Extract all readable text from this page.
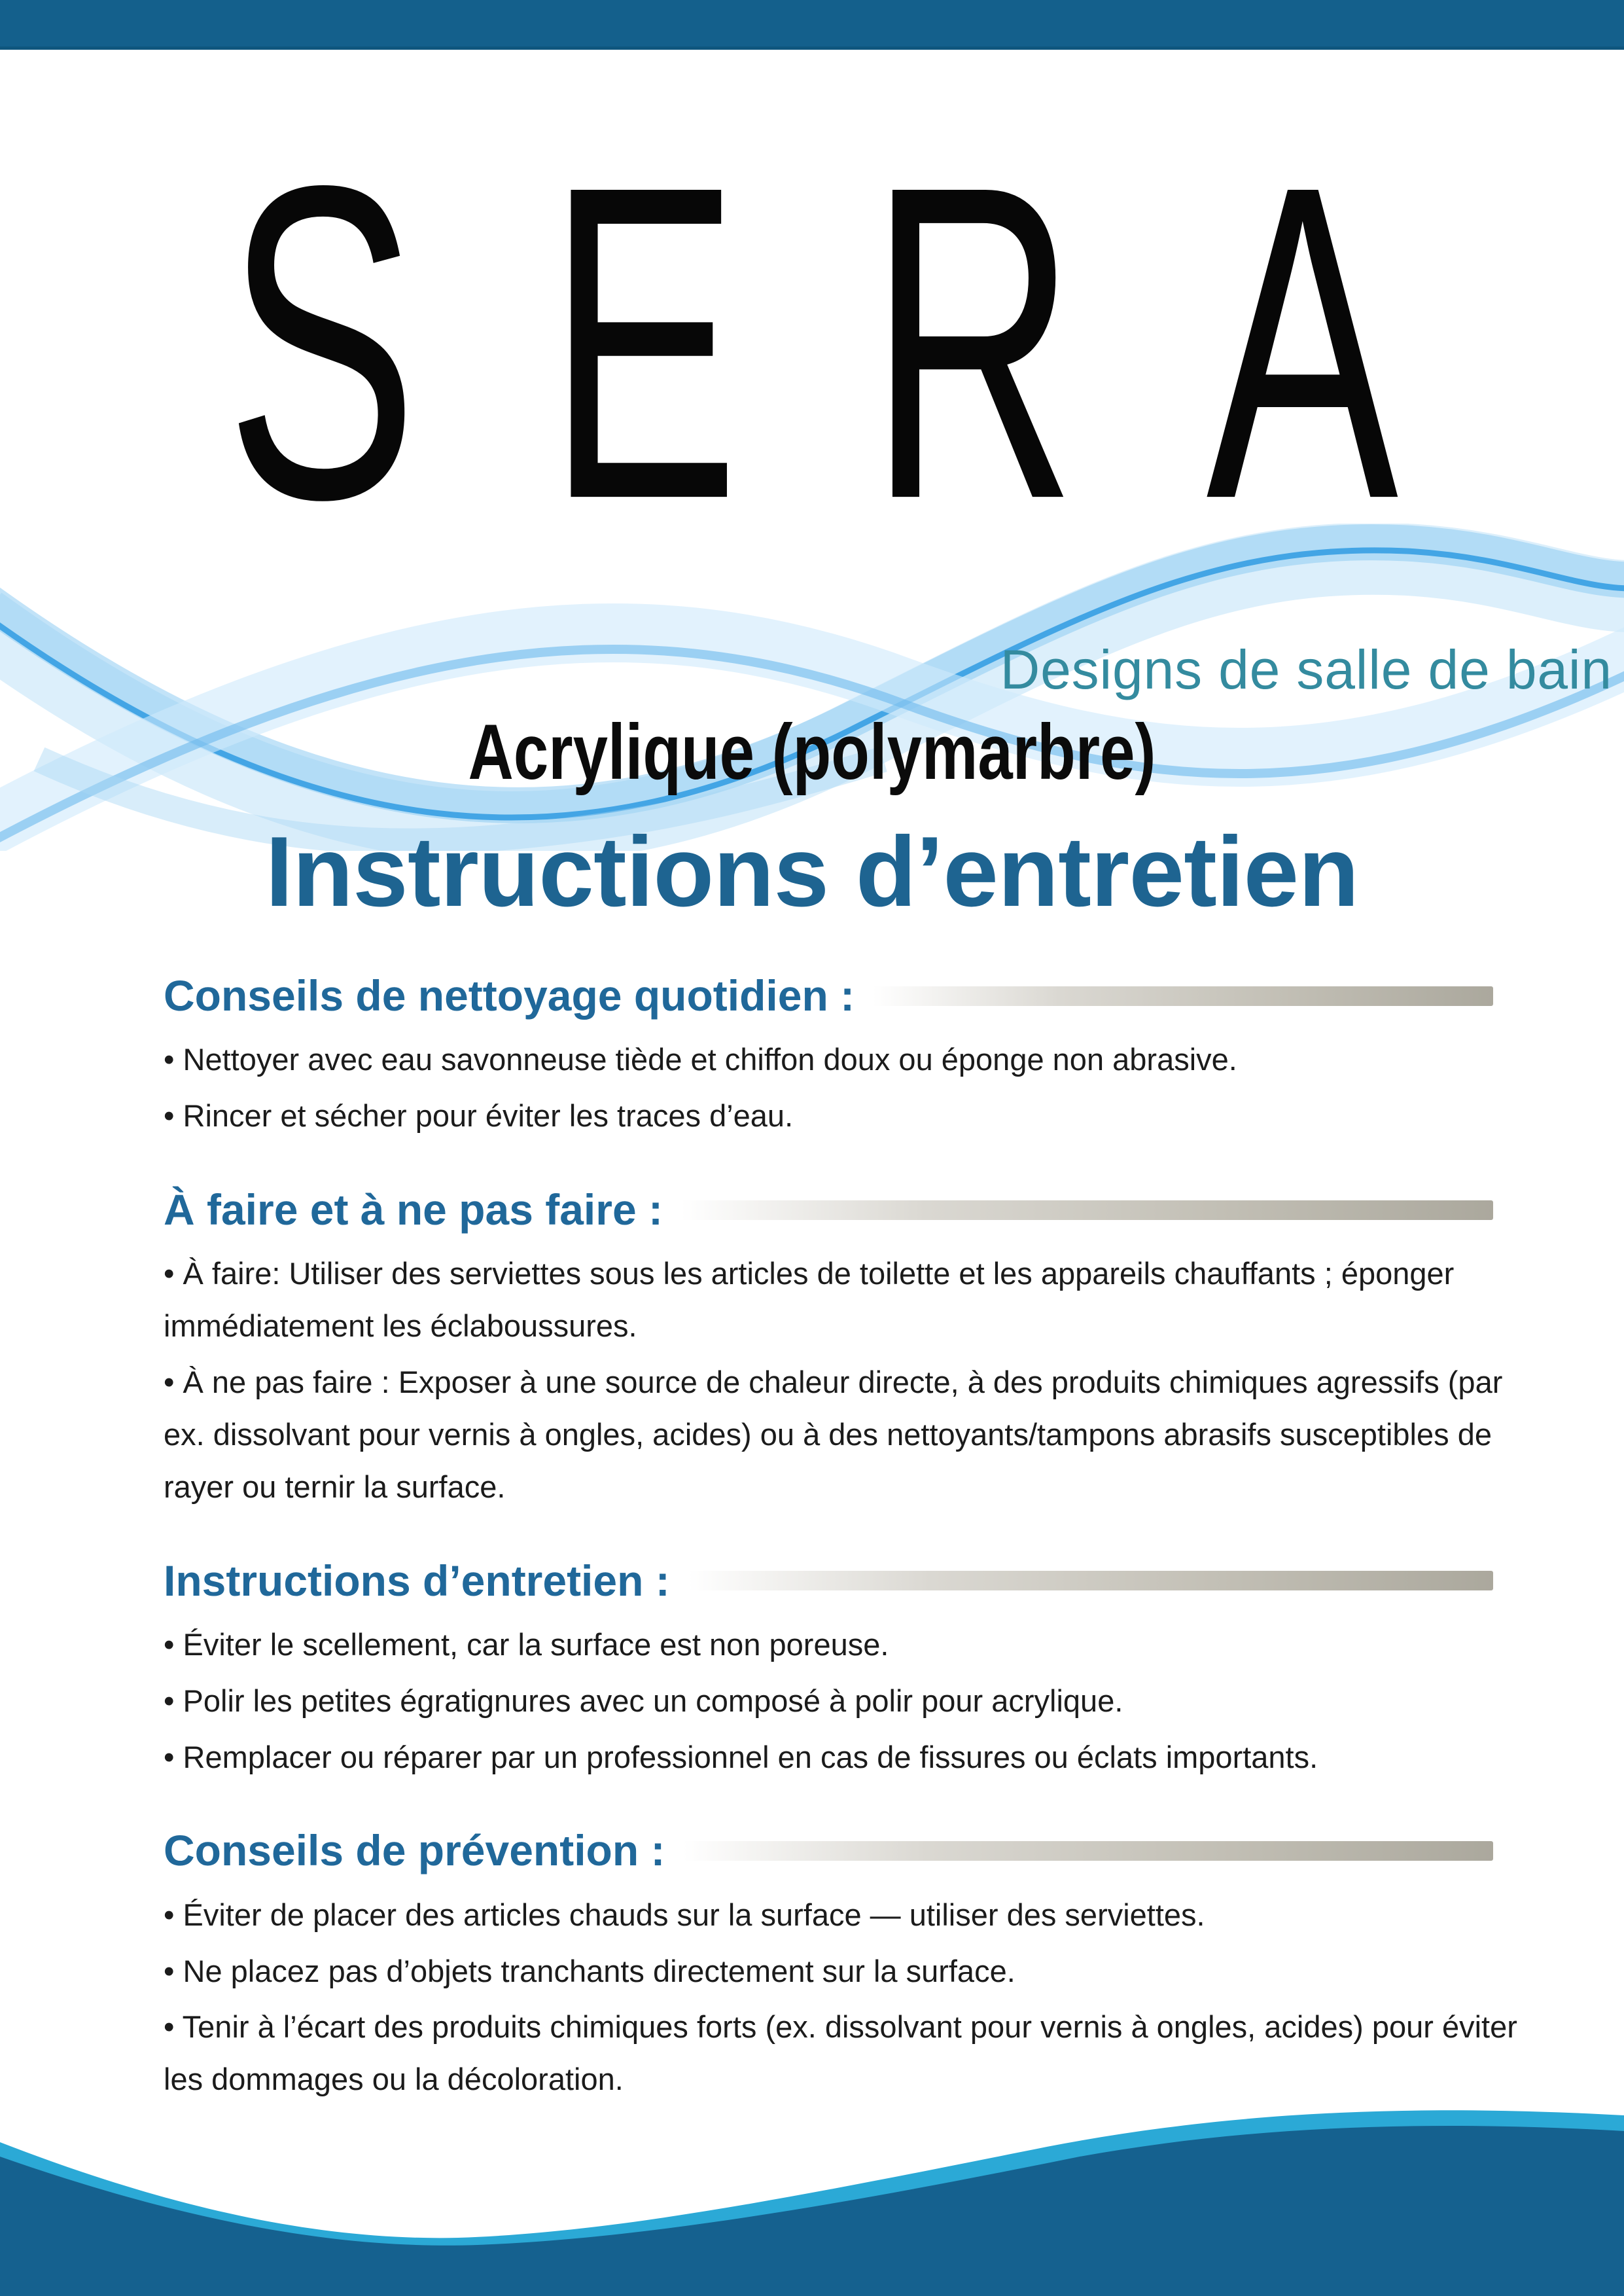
SERA
Designs de salle de bain
Acrylique (polymarbre)
Instructions d’entretien
Conseils de nettoyage quotidien :
• Nettoyer avec eau savonneuse tiède et chiffon doux ou éponge non abrasive.
• Rincer et sécher pour éviter les traces d’eau.
À faire et à ne pas faire :
• À faire: Utiliser des serviettes sous les articles de toilette et les appareils chauffants ; éponger immédiatement les éclaboussures.
• À ne pas faire : Exposer à une source de chaleur directe, à des produits chimiques agressifs (par ex. dissolvant pour vernis à ongles, acides) ou à des nettoyants/tampons abrasifs susceptibles de rayer ou ternir la surface.
Instructions d’entretien :
• Éviter le scellement, car la surface est non poreuse.
• Polir les petites égratignures avec un composé à polir pour acrylique.
• Remplacer ou réparer par un professionnel en cas de fissures ou éclats importants.
Conseils de prévention :
• Éviter de placer des articles chauds sur la surface — utiliser des serviettes.
• Ne placez pas d’objets tranchants directement sur la surface.
• Tenir à l’écart des produits chimiques forts (ex. dissolvant pour vernis à ongles, acides) pour éviter les dommages ou la décoloration.
